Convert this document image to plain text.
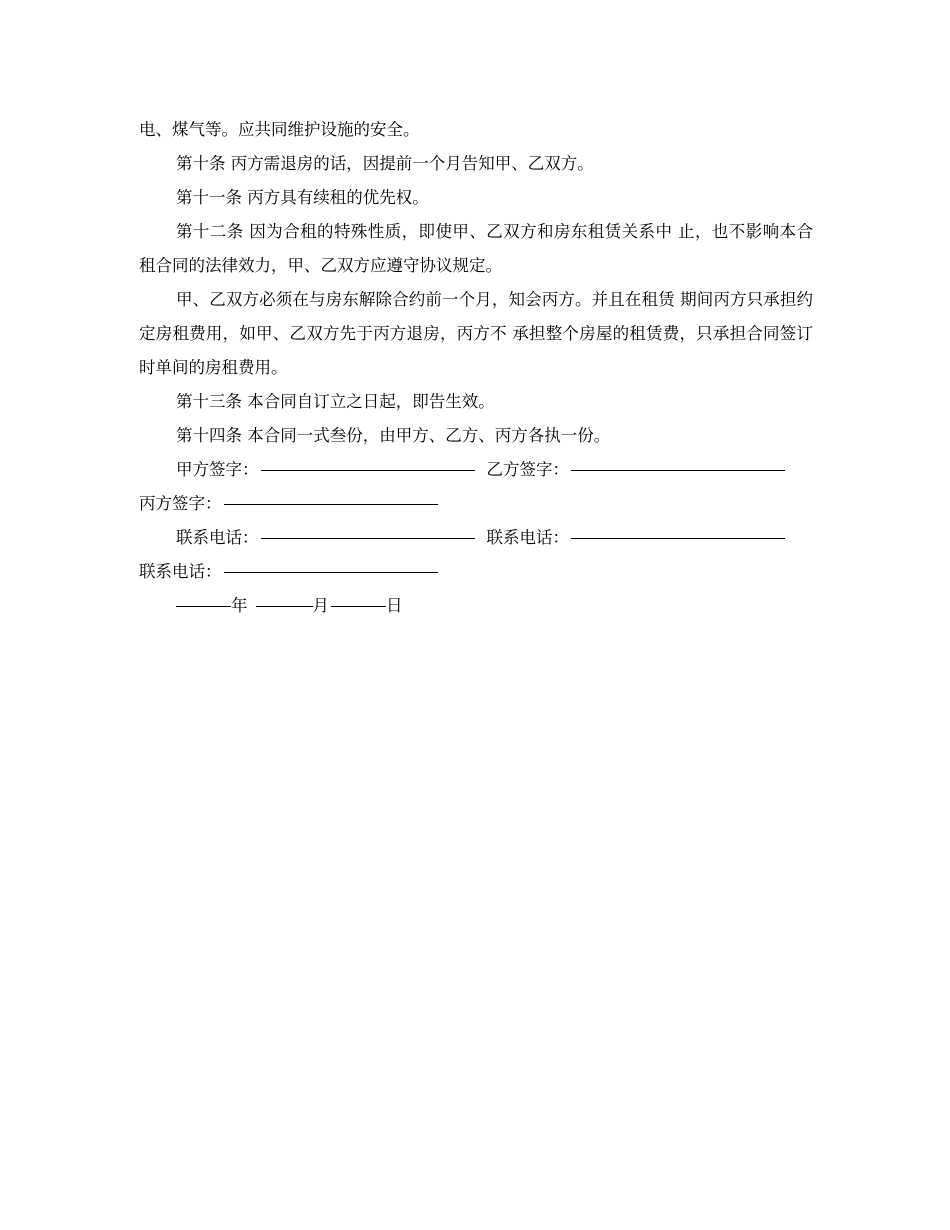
电、煤气等。应共同维护设施的安全。

第十条 丙方需退房的话，因提前一个月告知甲、乙双方。

第十一条 丙方具有续租的优先权。

第十二条 因为合租的特殊性质，即使甲、乙双方和房东租赁关系中 止，也不影响本合租合同的法律效力，甲、乙双方应遵守协议规定。

甲、乙双方必须在与房东解除合约前一个月，知会丙方。并且在租赁 期间丙方只承担约定房租费用，如甲、乙双方先于丙方退房，丙方不 承担整个房屋的租赁费，只承担合同签订时单间的房租费用。

第十三条 本合同自订立之日起，即告生效。

第十四条 本合同一式叁份，由甲方、乙方、丙方各执一份。

甲方签字：	乙方签字：
丙方签字：
联系电话：	联系电话：
联系电话：
年	月	日
